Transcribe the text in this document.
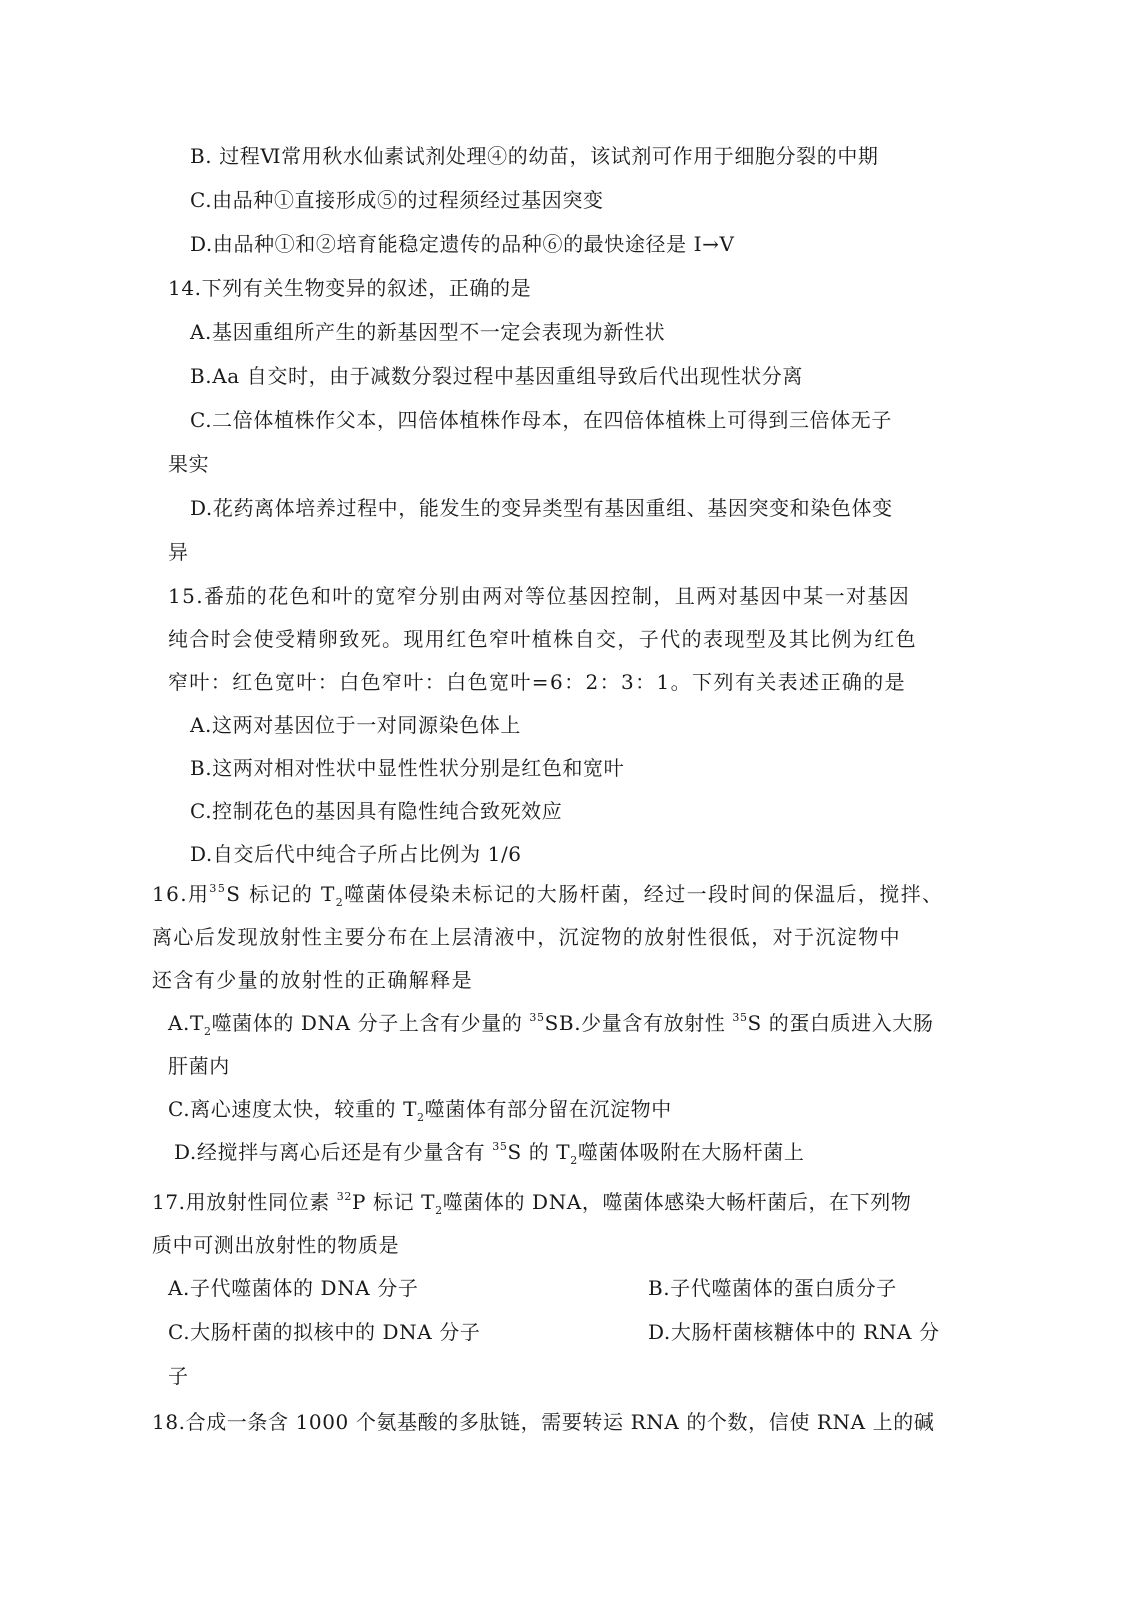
B. 过程Ⅵ常用秋水仙素试剂处理④的幼苗，该试剂可作用于细胞分裂的中期
C.由品种①直接形成⑤的过程须经过基因突变
D.由品种①和②培育能稳定遗传的品种⑥的最快途径是 Ⅰ→Ⅴ
14.下列有关生物变异的叙述，正确的是
A.基因重组所产生的新基因型不一定会表现为新性状
B.Aa 自交时，由于减数分裂过程中基因重组导致后代出现性状分离
C.二倍体植株作父本，四倍体植株作母本，在四倍体植株上可得到三倍体无子
果实
D.花药离体培养过程中，能发生的变异类型有基因重组、基因突变和染色体变
异
15.番茄的花色和叶的宽窄分别由两对等位基因控制，且两对基因中某一对基因
纯合时会使受精卵致死。现用红色窄叶植株自交，子代的表现型及其比例为红色
窄叶：红色宽叶：白色窄叶：白色宽叶=6：2：3：1。下列有关表述正确的是
A.这两对基因位于一对同源染色体上
B.这两对相对性状中显性性状分别是红色和宽叶
C.控制花色的基因具有隐性纯合致死效应
D.自交后代中纯合子所占比例为 1/6
16.用$^{35}$S 标记的 $T_2$噬菌体侵染未标记的大肠杆菌，经过一段时间的保温后，搅拌、
离心后发现放射性主要分布在上层清液中，沉淀物的放射性很低，对于沉淀物中
还含有少量的放射性的正确解释是
$A.T_2$噬菌体的 DNA 分子上含有少量的 $^{35}$SB.少量含有放射性 $^{35}$S 的蛋白质进入大肠
肝菌内
C.离心速度太快，较重的 $T_2$噬菌体有部分留在沉淀物中
D.经搅拌与离心后还是有少量含有 $^{35}$S 的 $T_2$噬菌体吸附在大肠杆菌上
17.用放射性同位素 $^{32}$P 标记 $T_2$噬菌体的 DNA，噬菌体感染大畅杆菌后，在下列物
质中可测出放射性的物质是
A.子代噬菌体的 DNA 分子	B.子代噬菌体的蛋白质分子
C.大肠杆菌的拟核中的 DNA 分子	D.大肠杆菌核糖体中的 RNA 分
子
18.合成一条含 1000 个氨基酸的多肽链，需要转运 RNA 的个数，信使 RNA 上的碱
